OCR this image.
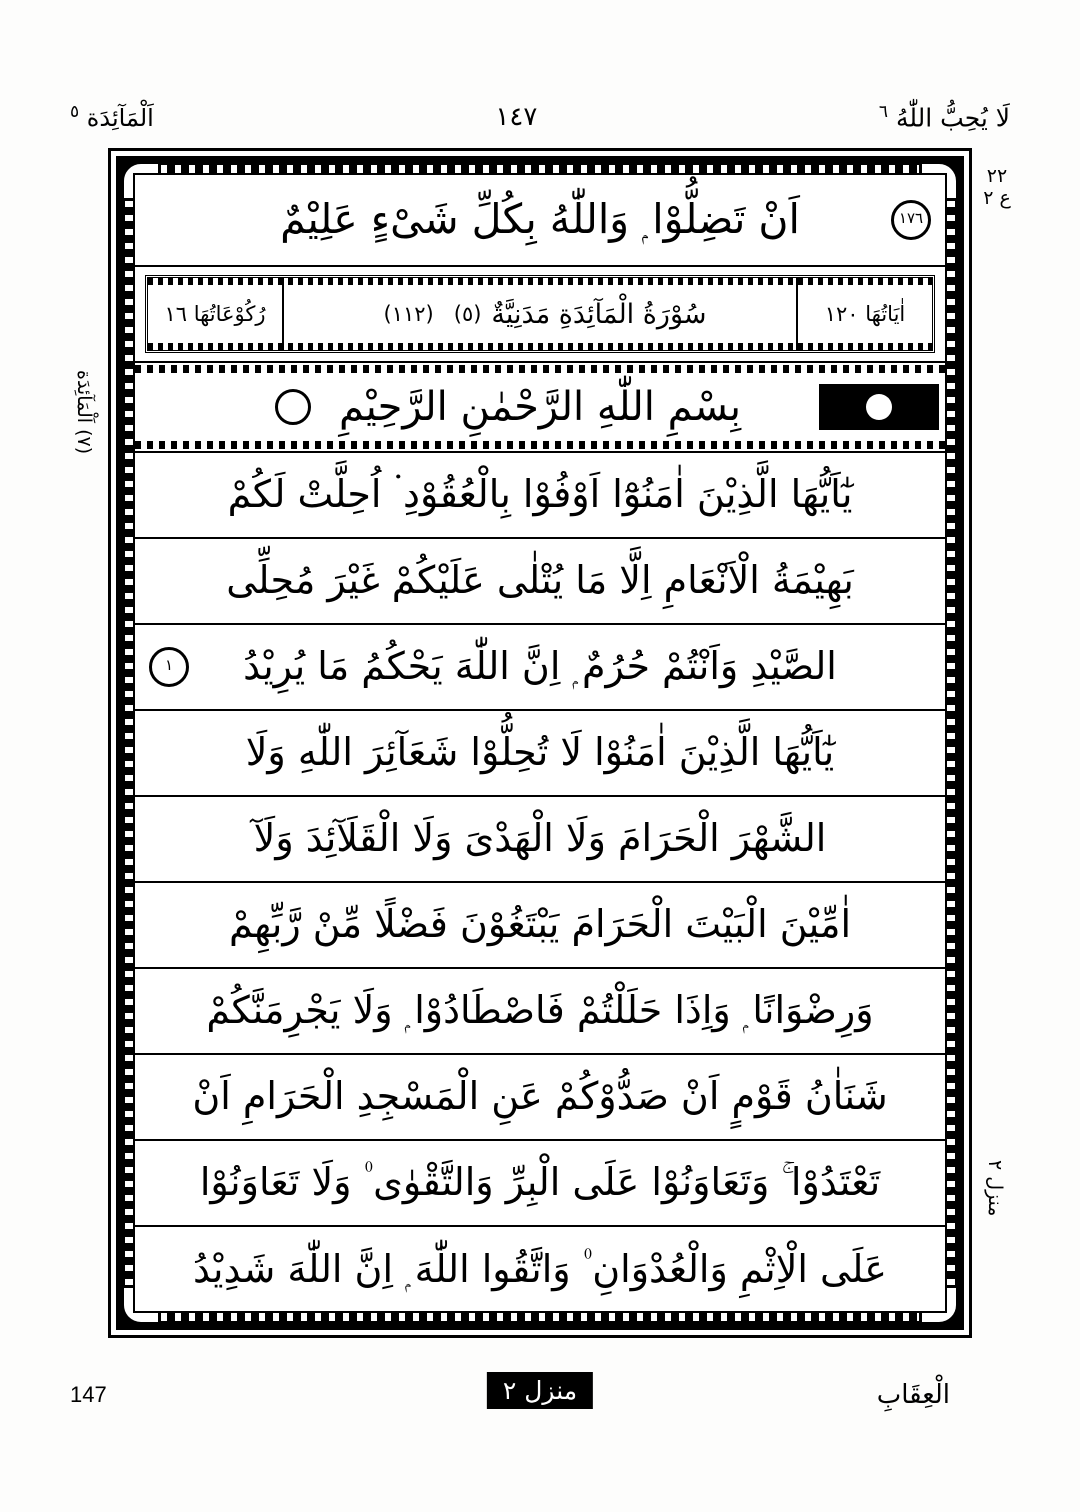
لَا يُحِبُّ اللّٰهُ $^٦$
١٤٧
اَلْمَآئِدَة $^٥$
٢٢ ع ٢
(٧) اَلْمَآئِدَة
منزل ٢
١٧٦
اَنْ تَضِلُّوْا ۭ وَاللّٰهُ بِكُلِّ شَىْءٍ عَلِيْمٌ
اٰيَاتُهَا ١٢٠
سُوْرَةُ الْمَآئِدَةِ مَدَنِيَّةٌ
(٥)
(١١٢)
رُكُوْعَاتُهَا ١٦
بِسْمِ اللّٰهِ الرَّحْمٰنِ الرَّحِيْمِ
يٰٓاَيُّهَا الَّذِيْنَ اٰمَنُوْٓا اَوْفُوْا بِالْعُقُوْدِ ۬ اُحِلَّتْ لَكُمْ
بَهِيْمَةُ الْاَنْعَامِ اِلَّا مَا يُتْلٰى عَلَيْكُمْ غَيْرَ مُحِلِّى
١	الصَّيْدِ وَاَنْتُمْ حُرُمٌ ۭ اِنَّ اللّٰهَ يَحْكُمُ مَا يُرِيْدُ
يٰٓاَيُّهَا الَّذِيْنَ اٰمَنُوْا لَا تُحِلُّوْا شَعَآئِرَ اللّٰهِ وَلَا
الشَّهْرَ الْحَرَامَ وَلَا الْهَدْىَ وَلَا الْقَلَآئِدَ وَلَآ
اٰمِّيْنَ الْبَيْتَ الْحَرَامَ يَبْتَغُوْنَ فَضْلًا مِّنْ رَّبِّهِمْ
وَرِضْوَانًا ۭ وَاِذَا حَلَلْتُمْ فَاصْطَادُوْا ۭ وَلَا يَجْرِمَنَّكُمْ
شَنَاٰنُ قَوْمٍ اَنْ صَدُّوْكُمْ عَنِ الْمَسْجِدِ الْحَرَامِ اَنْ
تَعْتَدُوْا ۚ وَتَعَاوَنُوْا عَلَى الْبِرِّ وَالتَّقْوٰى ۠ وَلَا تَعَاوَنُوْا
عَلَى الْاِثْمِ وَالْعُدْوَانِ ۠ وَاتَّقُوا اللّٰهَ ۭ اِنَّ اللّٰهَ شَدِيْدُ
الْعِقَابِ
منزل ٢
147
